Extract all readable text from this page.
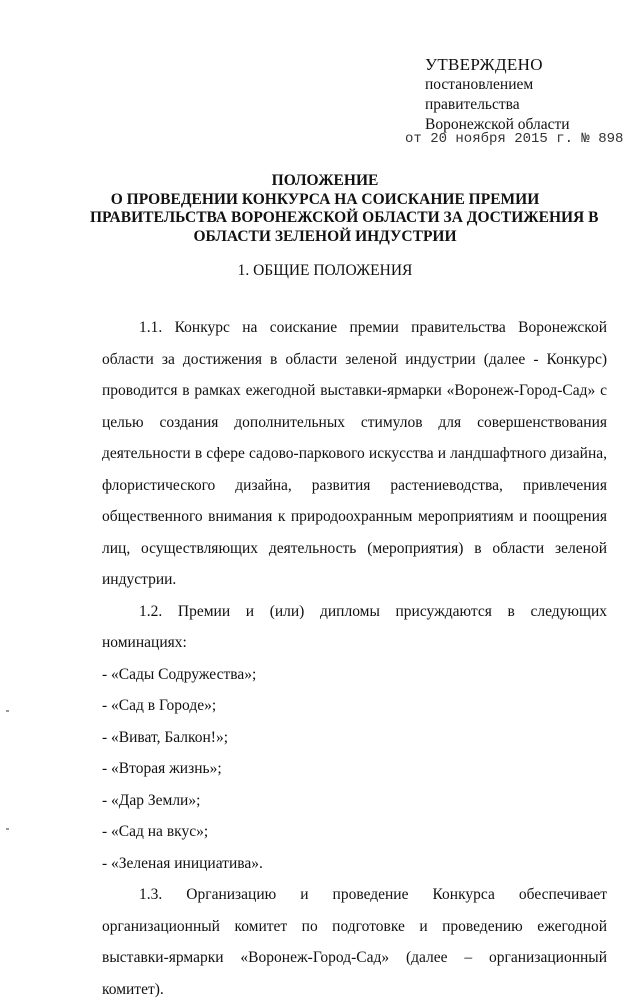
УТВЕРЖДЕНО
постановлением
правительства
Воронежской области
от 20 ноября 2015 г. № 898
ПОЛОЖЕНИЕ
О ПРОВЕДЕНИИ КОНКУРСА НА СОИСКАНИЕ ПРЕМИИ
ПРАВИТЕЛЬСТВА ВОРОНЕЖСКОЙ ОБЛАСТИ ЗА ДОСТИЖЕНИЯ В
ОБЛАСТИ ЗЕЛЕНОЙ ИНДУСТРИИ
1. ОБЩИЕ ПОЛОЖЕНИЯ

1.1. Конкурс на соискание премии правительства Воронежской области за достижения в области зеленой индустрии (далее - Конкурс) проводится в рамках ежегодной выставки-ярмарки «Воронеж-Город-Сад» с целью создания дополнительных стимулов для совершенствования деятельности в сфере садово-паркового искусства и ландшафтного дизайна, флористического дизайна, развития растениеводства, привлечения общественного внимания к природоохранным мероприятиям и поощрения лиц, осуществляющих деятельность (мероприятия) в области зеленой индустрии.

1.2. Премии и (или) дипломы присуждаются в следующих номинациях:

- «Сады Содружества»;

- «Сад в Городе»;

- «Виват, Балкон!»;

- «Вторая жизнь»;

- «Дар Земли»;

- «Сад на вкус»;

- «Зеленая инициатива».

1.3. Организацию и проведение Конкурса обеспечивает организационный комитет по подготовке и проведению ежегодной выставки-ярмарки «Воронеж-Город-Сад» (далее – организационный комитет).
